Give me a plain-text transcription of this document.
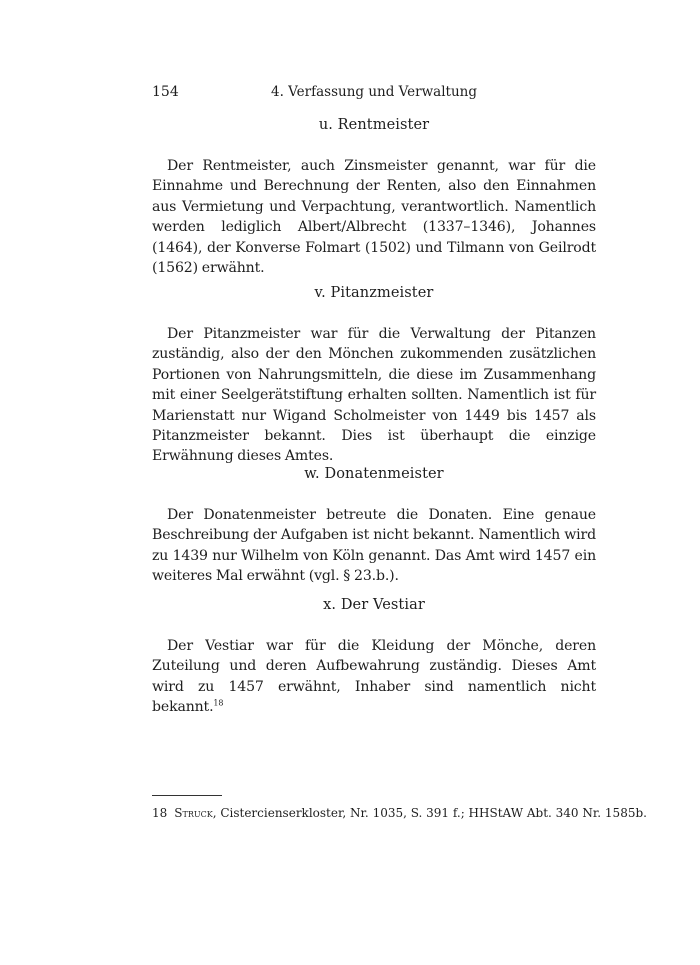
154	4. Verfassung und Verwaltung
u. Rentmeister

Der Rentmeister, auch Zinsmeister genannt, war für die Einnahme und Berechnung der Renten, also den Einnahmen aus Vermietung und Verpachtung, verantwortlich. Namentlich werden lediglich Albert/Albrecht (1337–1346), Johannes (1464), der Konverse Folmart (1502) und Tilmann von Geilrodt (1562) erwähnt.

v. Pitanzmeister

Der Pitanzmeister war für die Verwaltung der Pitanzen zuständig, also der den Mönchen zukommenden zusätzlichen Portionen von Nahrungsmitteln, die diese im Zusammenhang mit einer Seelgerätstiftung erhalten sollten. Namentlich ist für Marienstatt nur Wigand Scholmeister von 1449 bis 1457 als Pitanzmeister bekannt. Dies ist überhaupt die einzige Erwähnung dieses Amtes.

w. Donatenmeister

Der Donatenmeister betreute die Donaten. Eine genaue Beschreibung der Aufgaben ist nicht bekannt. Namentlich wird zu 1439 nur Wilhelm von Köln genannt. Das Amt wird 1457 ein weiteres Mal erwähnt (vgl. § 23.b.).

x. Der Vestiar

Der Vestiar war für die Kleidung der Mönche, deren Zuteilung und deren Aufbewahrung zuständig. Dieses Amt wird zu 1457 erwähnt, Inhaber sind namentlich nicht bekannt.$^{18}$

18 Struck, Cistercienserkloster, Nr. 1035, S. 391 f.; HHStAW Abt. 340 Nr. 1585b.
